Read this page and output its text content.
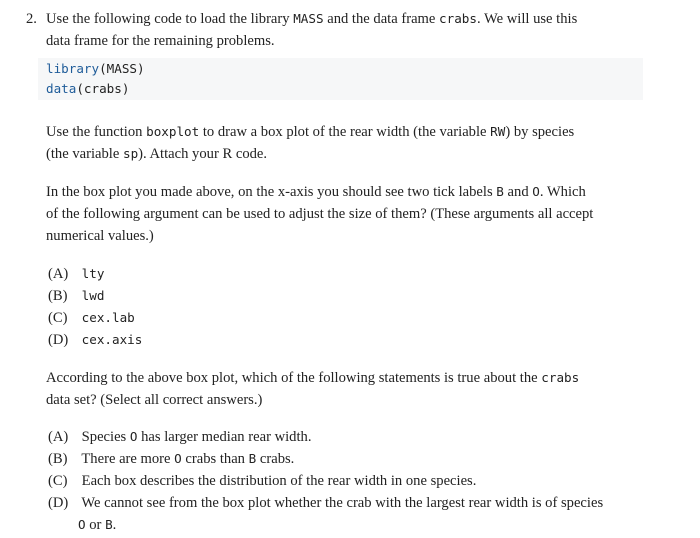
2. Use the following code to load the library MASS and the data frame crabs. We will use this
data frame for the remaining problems.

library(MASS)
data(crabs)

Use the function boxplot to draw a box plot of the rear width (the variable RW) by species
(the variable sp). Attach your R code.

In the box plot you made above, on the x-axis you should see two tick labels B and O. Which
of the following argument can be used to adjust the size of them? (These arguments all accept
numerical values.)

(A) lty

(B) lwd

(C) cex.lab

(D) cex.axis

According to the above box plot, which of the following statements is true about the crabs
data set? (Select all correct answers.)

(A) Species O has larger median rear width.

(B) There are more O crabs than B crabs.

(C) Each box describes the distribution of the rear width in one species.

(D) We cannot see from the box plot whether the crab with the largest rear width is of species

O or B.
